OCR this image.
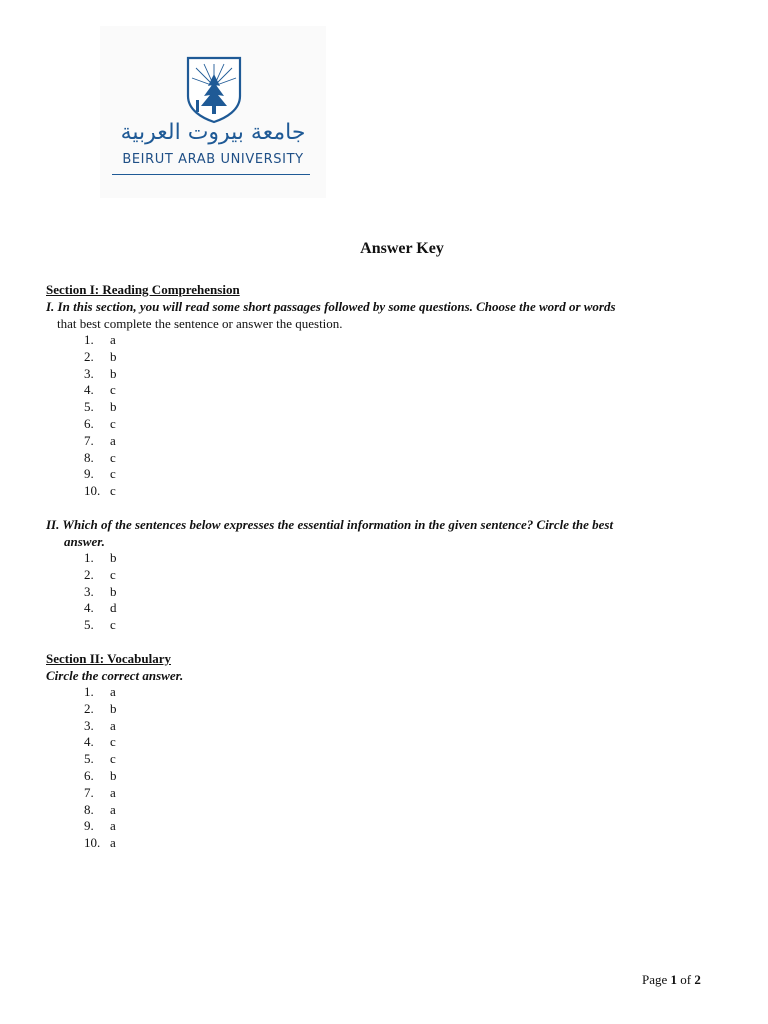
جامعة بيروت العربية
BEIRUT ARAB UNIVERSITY
Answer Key
Section I: Reading Comprehension
I. In this section, you will read some short passages followed by some questions. Choose the word or words
that best complete the sentence or answer the question.
1. a
2. b
3. b
4. c
5. b
6. c
7. a
8. c
9. c
10. c
II. Which of the sentences below expresses the essential information in the given sentence? Circle the best
answer.
1. b
2. c
3. b
4. d
5. c
Section II: Vocabulary
Circle the correct answer.
1. a
2. b
3. a
4. c
5. c
6. b
7. a
8. a
9. a
10. a
Page 1 of 2
